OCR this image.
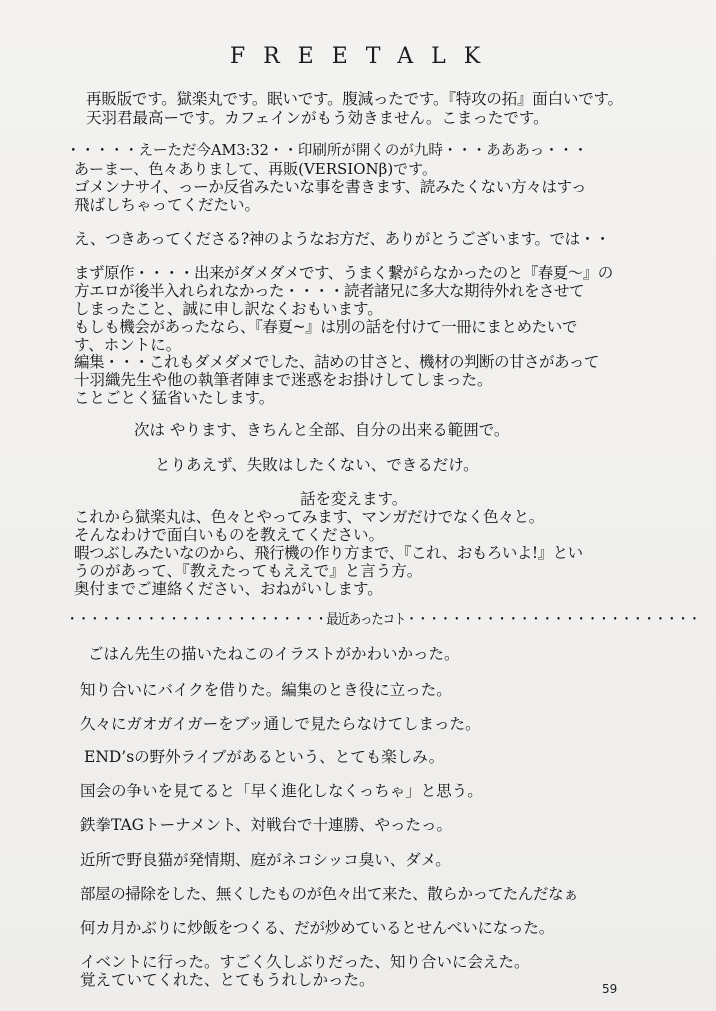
FREETALK
再販版です。獄楽丸です。眠いです。腹減ったです。『特攻の拓』面白いです。
天羽君最高ーです。カフェインがもう効きません。こまったです。
・・・・・えーただ今AM3:32・・印刷所が開くのが九時・・・あああっ・・・
あーまー、色々ありまして、再販(VERSIONβ)です。
ゴメンナサイ、っーか反省みたいな事を書きます、読みたくない方々はすっ
飛ばしちゃってくだたい。
え、つきあってくださる?神のようなお方だ、ありがとうございます。では・・
まず原作・・・・出来がダメダメです、うまく繋がらなかったのと『春夏～』の
方エロが後半入れられなかった・・・・読者諸兄に多大な期待外れをさせて
しまったこと、誠に申し訳なくおもいます。
もしも機会があったなら、『春夏~』は別の話を付けて一冊にまとめたいで
す、ホントに。
編集・・・これもダメダメでした、詰めの甘さと、機材の判断の甘さがあって
十羽織先生や他の執筆者陣まで迷惑をお掛けしてしまった。
ことごとく猛省いたします。
次は やります、きちんと全部、自分の出来る範囲で。
とりあえず、失敗はしたくない、できるだけ。
話を変えます。
これから獄楽丸は、色々とやってみます、マンガだけでなく色々と。
そんなわけで面白いものを教えてください。
暇つぶしみたいなのから、飛行機の作り方まで、『これ、おもろいよ!』とい
うのがあって、『教えたってもええで』と言う方。
奥付までご連絡ください、おねがいします。
・・・・・・・・・・・・・・・・・・・・・・・最近あったコト・・・・・・・・・・・・・・・・・・・・・・・・・・
ごはん先生の描いたねこのイラストがかわいかった。
知り合いにバイクを借りた。編集のとき役に立った。
久々にガオガイガーをブッ通しで見たらなけてしまった。
END’sの野外ライブがあるという、とても楽しみ。
国会の争いを見てると「早く進化しなくっちゃ」と思う。
鉄拳TAGトーナメント、対戦台で十連勝、やったっ。
近所で野良猫が発情期、庭がネコシッコ臭い、ダメ。
部屋の掃除をした、無くしたものが色々出て来た、散らかってたんだなぁ
何カ月かぶりに炒飯をつくる、だが炒めているとせんべいになった。
イベントに行った。すごく久しぶりだった、知り合いに会えた。
覚えていてくれた、とてもうれしかった。	59
